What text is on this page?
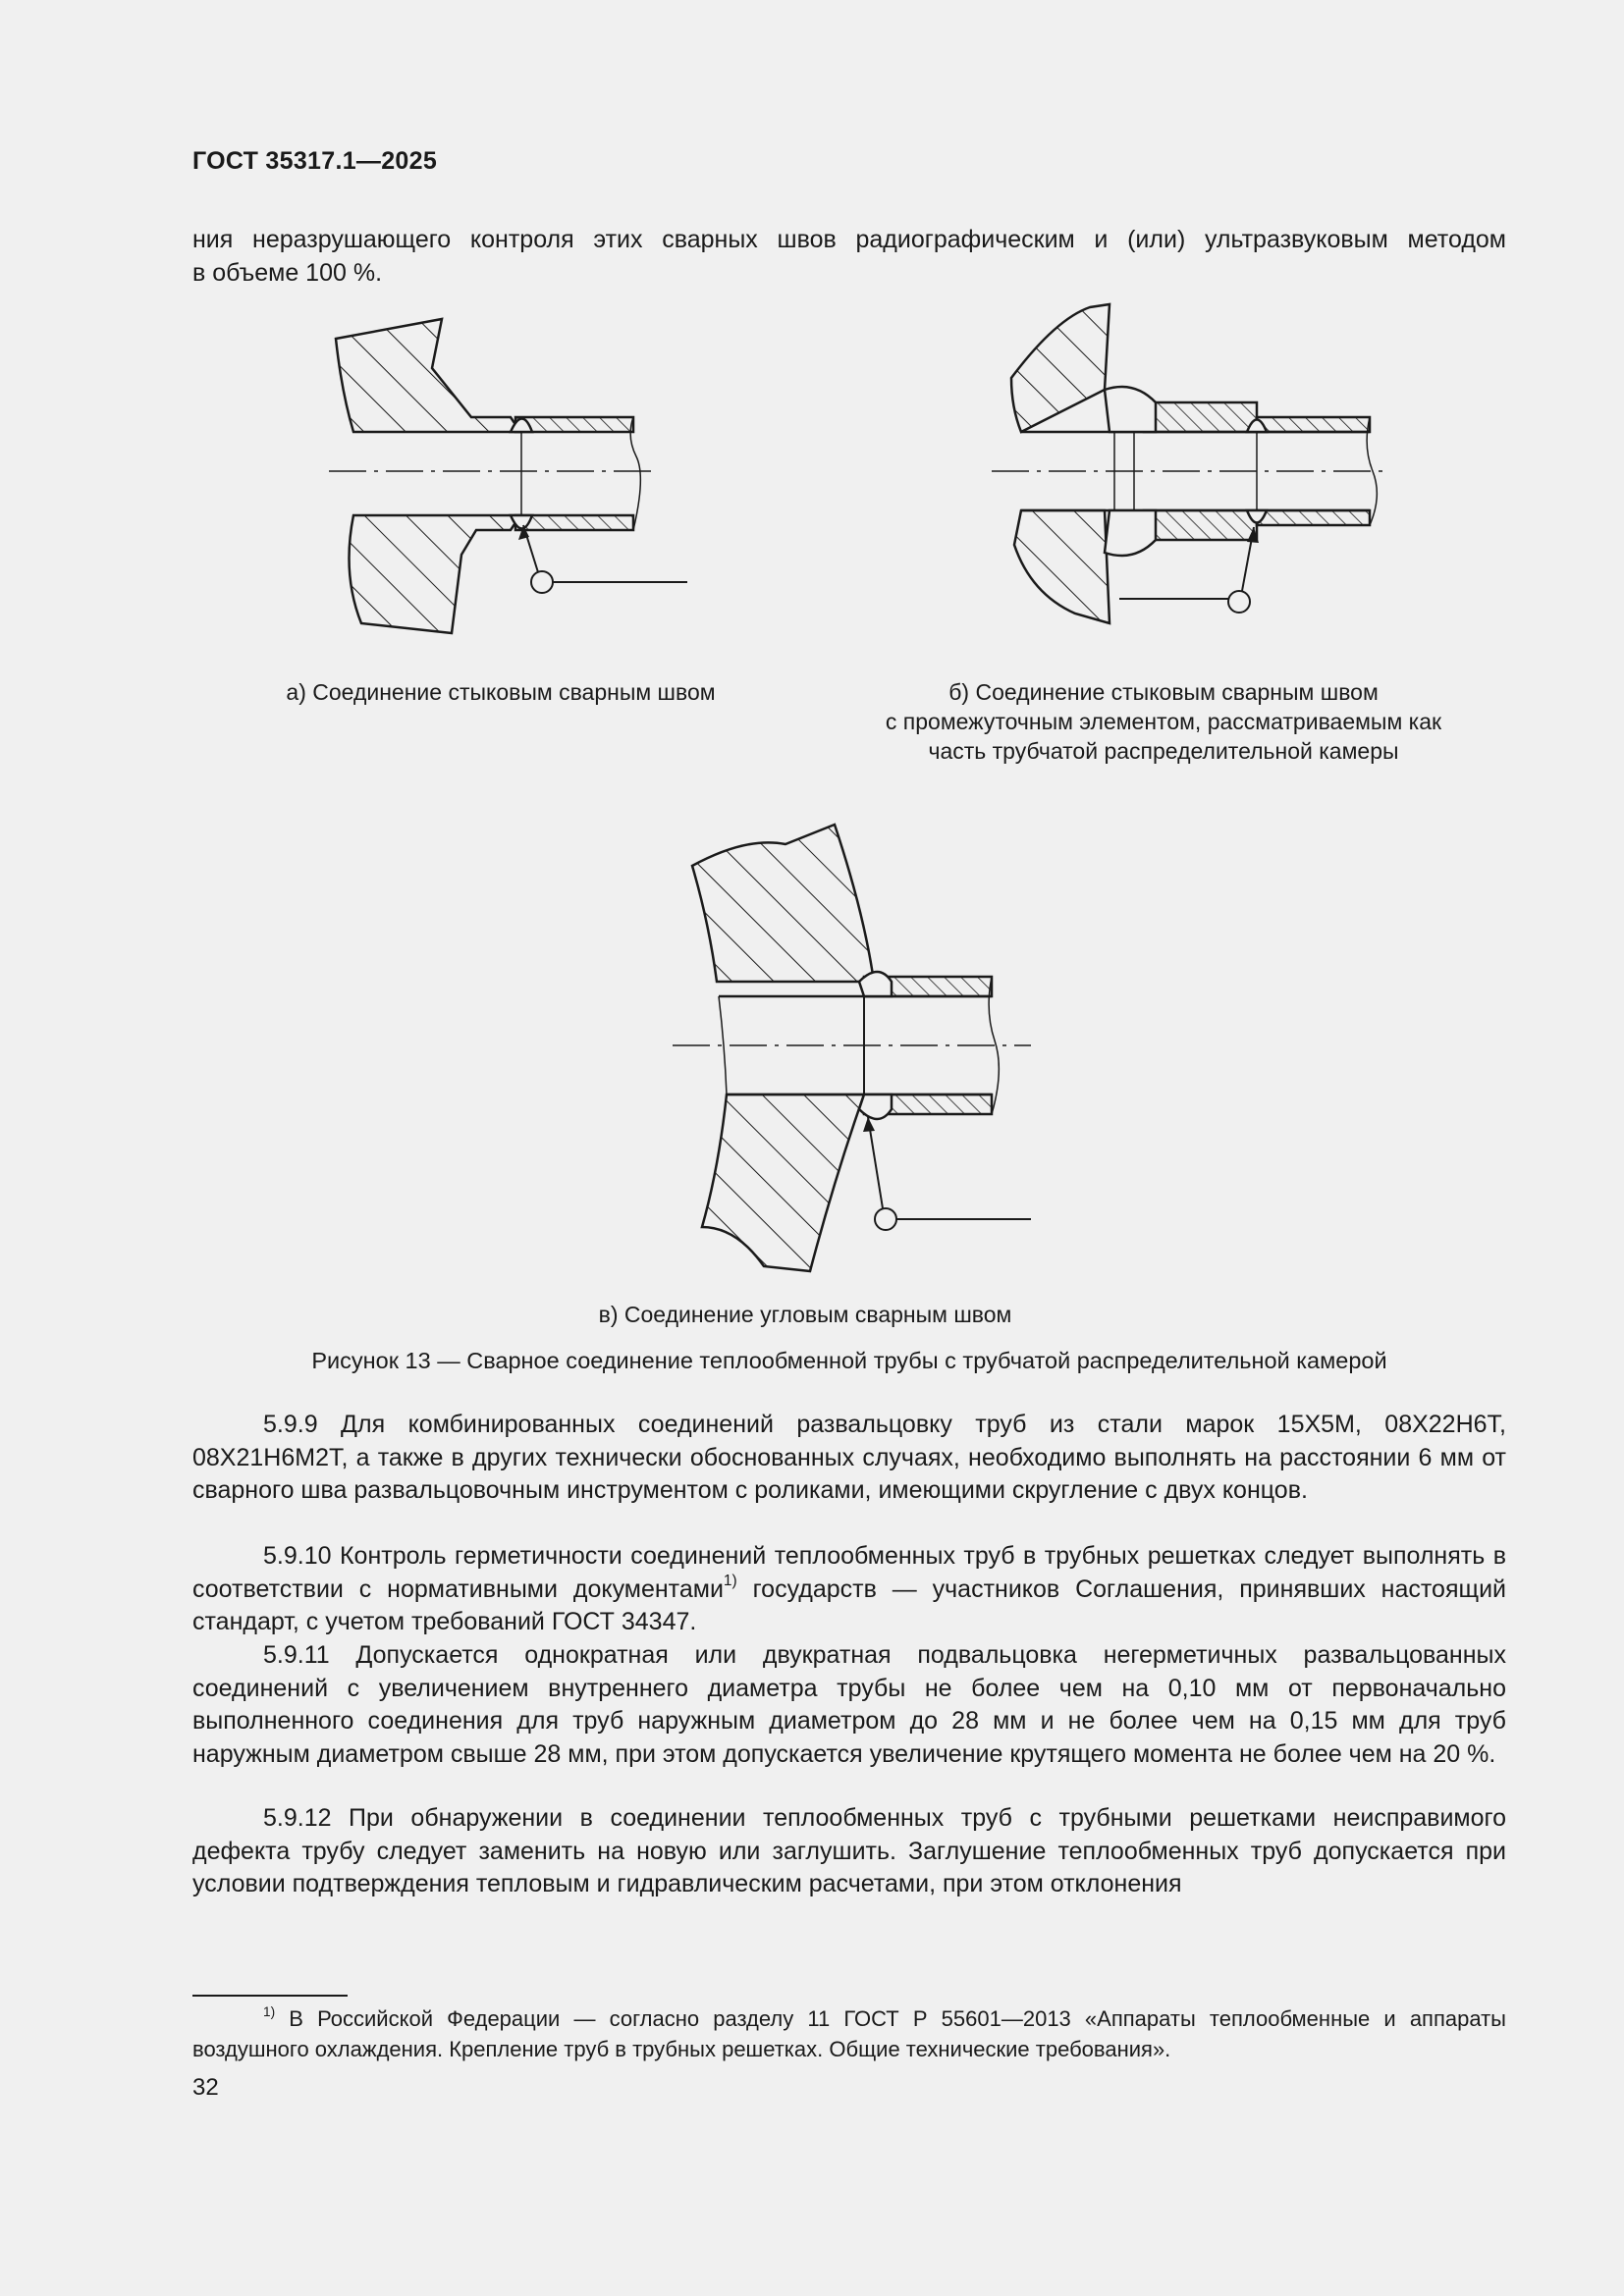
ГОСТ 35317.1—2025
ния неразрушающего контроля этих сварных швов радиографическим и (или) ультразвуковым методом
в объеме 100 %.
а) Соединение стыковым сварным швом	б) Соединение стыковым сварным швом
с промежуточным элементом, рассматриваемым как
часть трубчатой распределительной камеры
в) Соединение угловым сварным швом
Рисунок 13 — Сварное соединение теплообменной трубы с трубчатой распределительной камерой
5.9.9 Для комбинированных соединений развальцовку труб из стали марок 15Х5М, 08Х22Н6Т, 08Х21Н6М2Т, а также в других технически обоснованных случаях, необходимо выполнять на расстоянии 6 мм от сварного шва развальцовочным инструментом с роликами, имеющими скругление с двух концов.
5.9.10 Контроль герметичности соединений теплообменных труб в трубных решетках следует выполнять в соответствии с нормативными документами$^{1)}$ государств — участников Соглашения, принявших настоящий стандарт, с учетом требований ГОСТ 34347.
5.9.11 Допускается однократная или двукратная подвальцовка негерметичных развальцованных соединений с увеличением внутреннего диаметра трубы не более чем на 0,10 мм от первоначально выполненного соединения для труб наружным диаметром до 28 мм и не более чем на 0,15 мм для труб наружным диаметром свыше 28 мм, при этом допускается увеличение крутящего момента не более чем на 20 %.
5.9.12 При обнаружении в соединении теплообменных труб с трубными решетками неисправимого дефекта трубу следует заменить на новую или заглушить. Заглушение теплообменных труб допускается при условии подтверждения тепловым и гидравлическим расчетами, при этом отклонения
$^{1)}$ В Российской Федерации — согласно разделу 11 ГОСТ Р 55601—2013 «Аппараты теплообменные и аппараты воздушного охлаждения. Крепление труб в трубных решетках. Общие технические требования».
32
